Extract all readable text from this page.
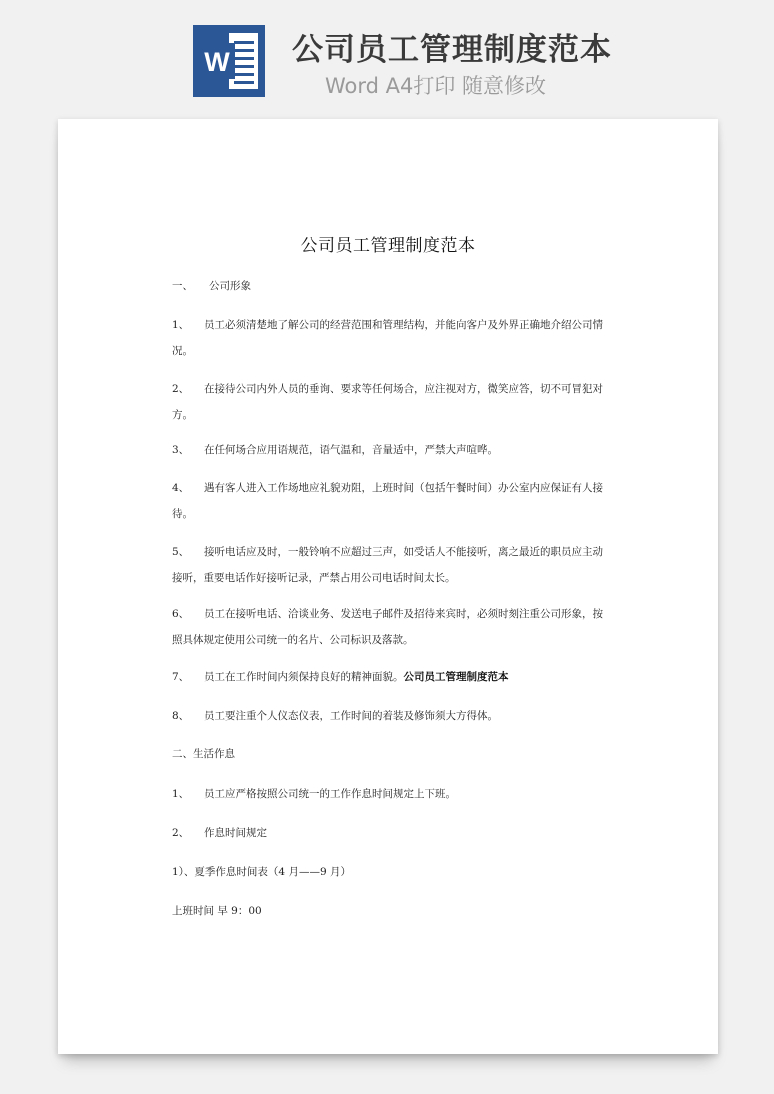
W 公司员工管理制度范本
Word A4打印 随意修改
公司员工管理制度范本
一、 公司形象
1、 员工必须清楚地了解公司的经营范围和管理结构，并能向客户及外界正确地介绍公司情况。
2、 在接待公司内外人员的垂询、要求等任何场合，应注视对方，微笑应答，切不可冒犯对方。
3、 在任何场合应用语规范，语气温和，音量适中，严禁大声喧哗。
4、 遇有客人进入工作场地应礼貌劝阻，上班时间（包括午餐时间）办公室内应保证有人接待。
5、 接听电话应及时，一般铃响不应超过三声，如受话人不能接听，离之最近的职员应主动接听，重要电话作好接听记录，严禁占用公司电话时间太长。
6、 员工在接听电话、洽谈业务、发送电子邮件及招待来宾时，必须时刻注重公司形象，按照具体规定使用公司统一的名片、公司标识及落款。
7、 员工在工作时间内须保持良好的精神面貌。公司员工管理制度范本
8、 员工要注重个人仪态仪表，工作时间的着装及修饰须大方得体。
二、生活作息
1、 员工应严格按照公司统一的工作作息时间规定上下班。
2、 作息时间规定
1）、夏季作息时间表（4 月——9 月）
上班时间 早 9：00
